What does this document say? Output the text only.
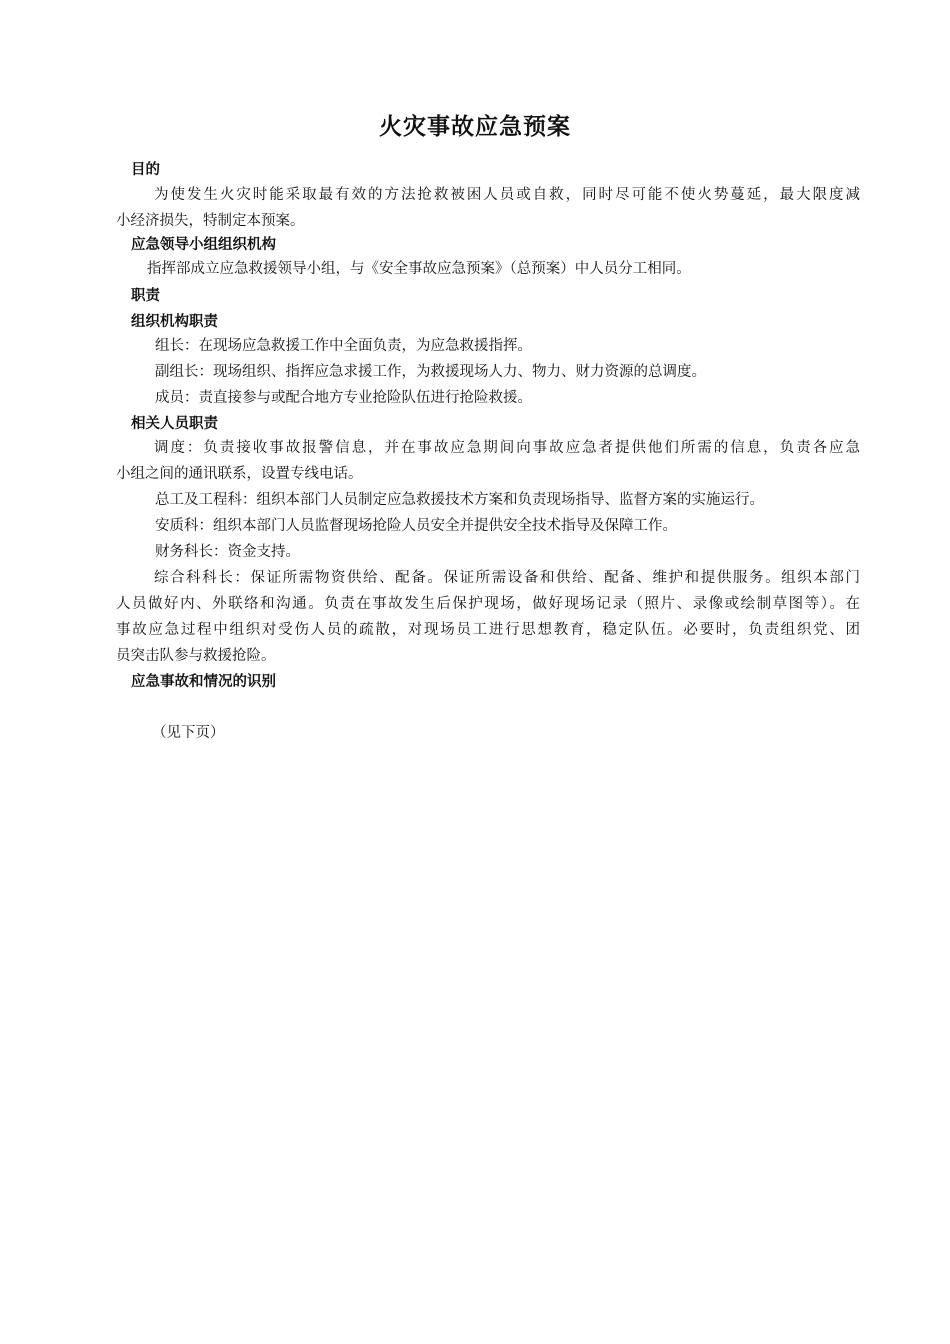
火灾事故应急预案
目的
为使发生火灾时能采取最有效的方法抢救被困人员或自救，同时尽可能不使火势蔓延，最大限度减
小经济损失，特制定本预案。
应急领导小组组织机构
指挥部成立应急救援领导小组，与《安全事故应急预案》（总预案）中人员分工相同。
职责
组织机构职责
组长：在现场应急救援工作中全面负责，为应急救援指挥。
副组长：现场组织、指挥应急求援工作，为救援现场人力、物力、财力资源的总调度。
成员：责直接参与或配合地方专业抢险队伍进行抢险救援。
相关人员职责
调度：负责接收事故报警信息，并在事故应急期间向事故应急者提供他们所需的信息，负责各应急
小组之间的通讯联系，设置专线电话。
总工及工程科：组织本部门人员制定应急救援技术方案和负责现场指导、监督方案的实施运行。
安质科：组织本部门人员监督现场抢险人员安全并提供安全技术指导及保障工作。
财务科长：资金支持。
综合科科长：保证所需物资供给、配备。保证所需设备和供给、配备、维护和提供服务。组织本部门
人员做好内、外联络和沟通。负责在事故发生后保护现场，做好现场记录（照片、录像或绘制草图等）。在
事故应急过程中组织对受伤人员的疏散，对现场员工进行思想教育，稳定队伍。必要时，负责组织党、团
员突击队参与救援抢险。
应急事故和情况的识别
（见下页）
